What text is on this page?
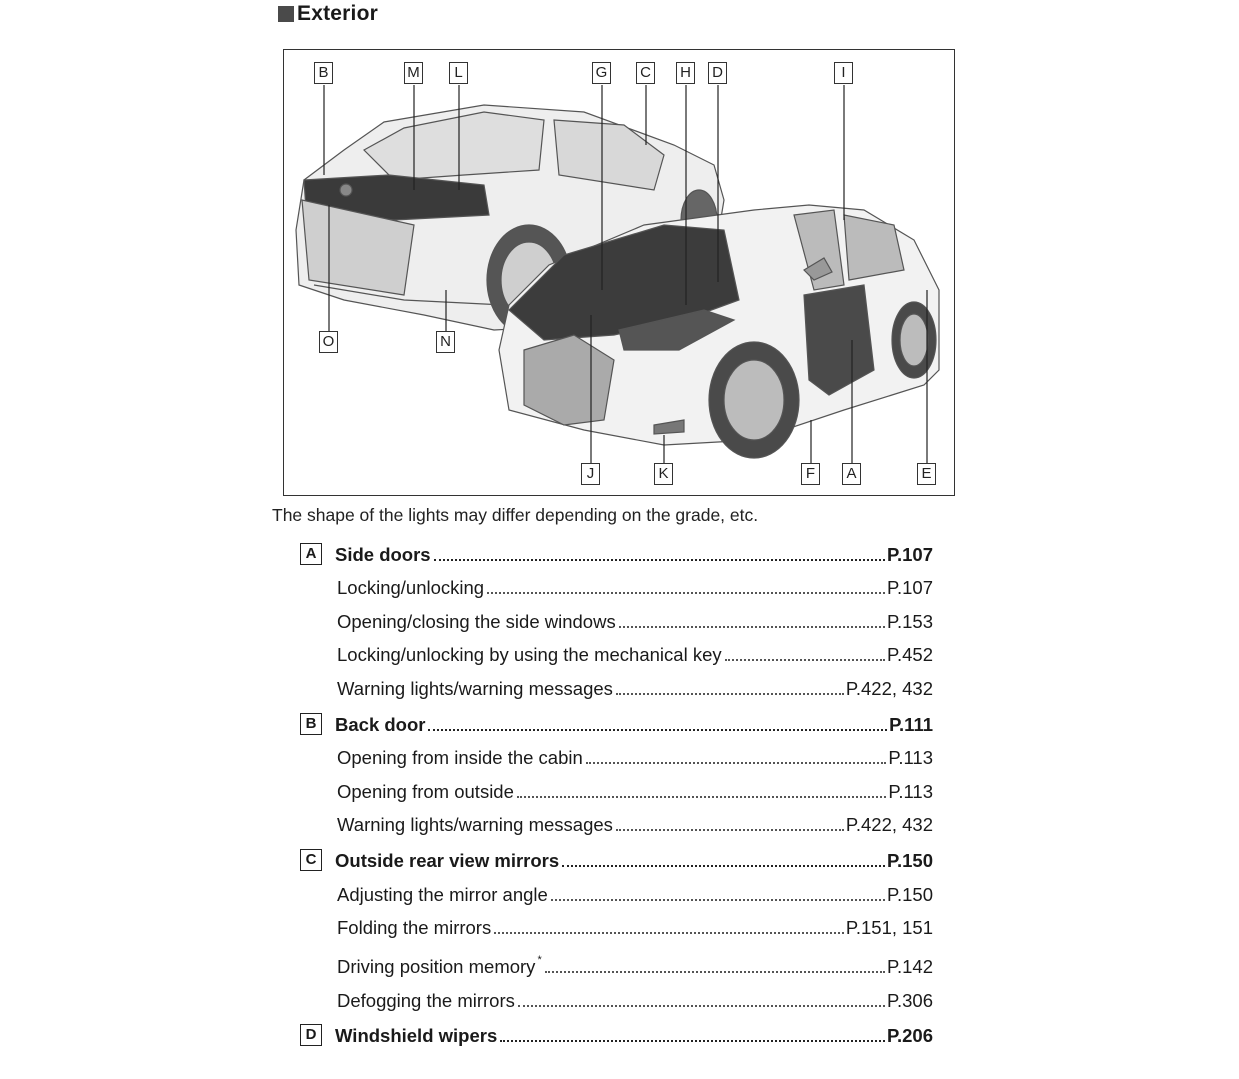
Exterior
B	M	L	G C H D	I
O	N
J	K	F	A	E
The shape of the lights may differ depending on the grade, etc.
A	Side doors	P.107
Locking/unlocking	P.107
Opening/closing the side windows	P.153
Locking/unlocking by using the mechanical key	P.452
Warning lights/warning messages	P.422, 432
B	Back door	P.111
Opening from inside the cabin	P.113
Opening from outside	P.113
Warning lights/warning messages	P.422, 432
C	Outside rear view mirrors	P.150
Adjusting the mirror angle	P.150
Folding the mirrors	P.151, 151
Driving position memory *	P.142
Defogging the mirrors	P.306
D	Windshield wipers	P.206
